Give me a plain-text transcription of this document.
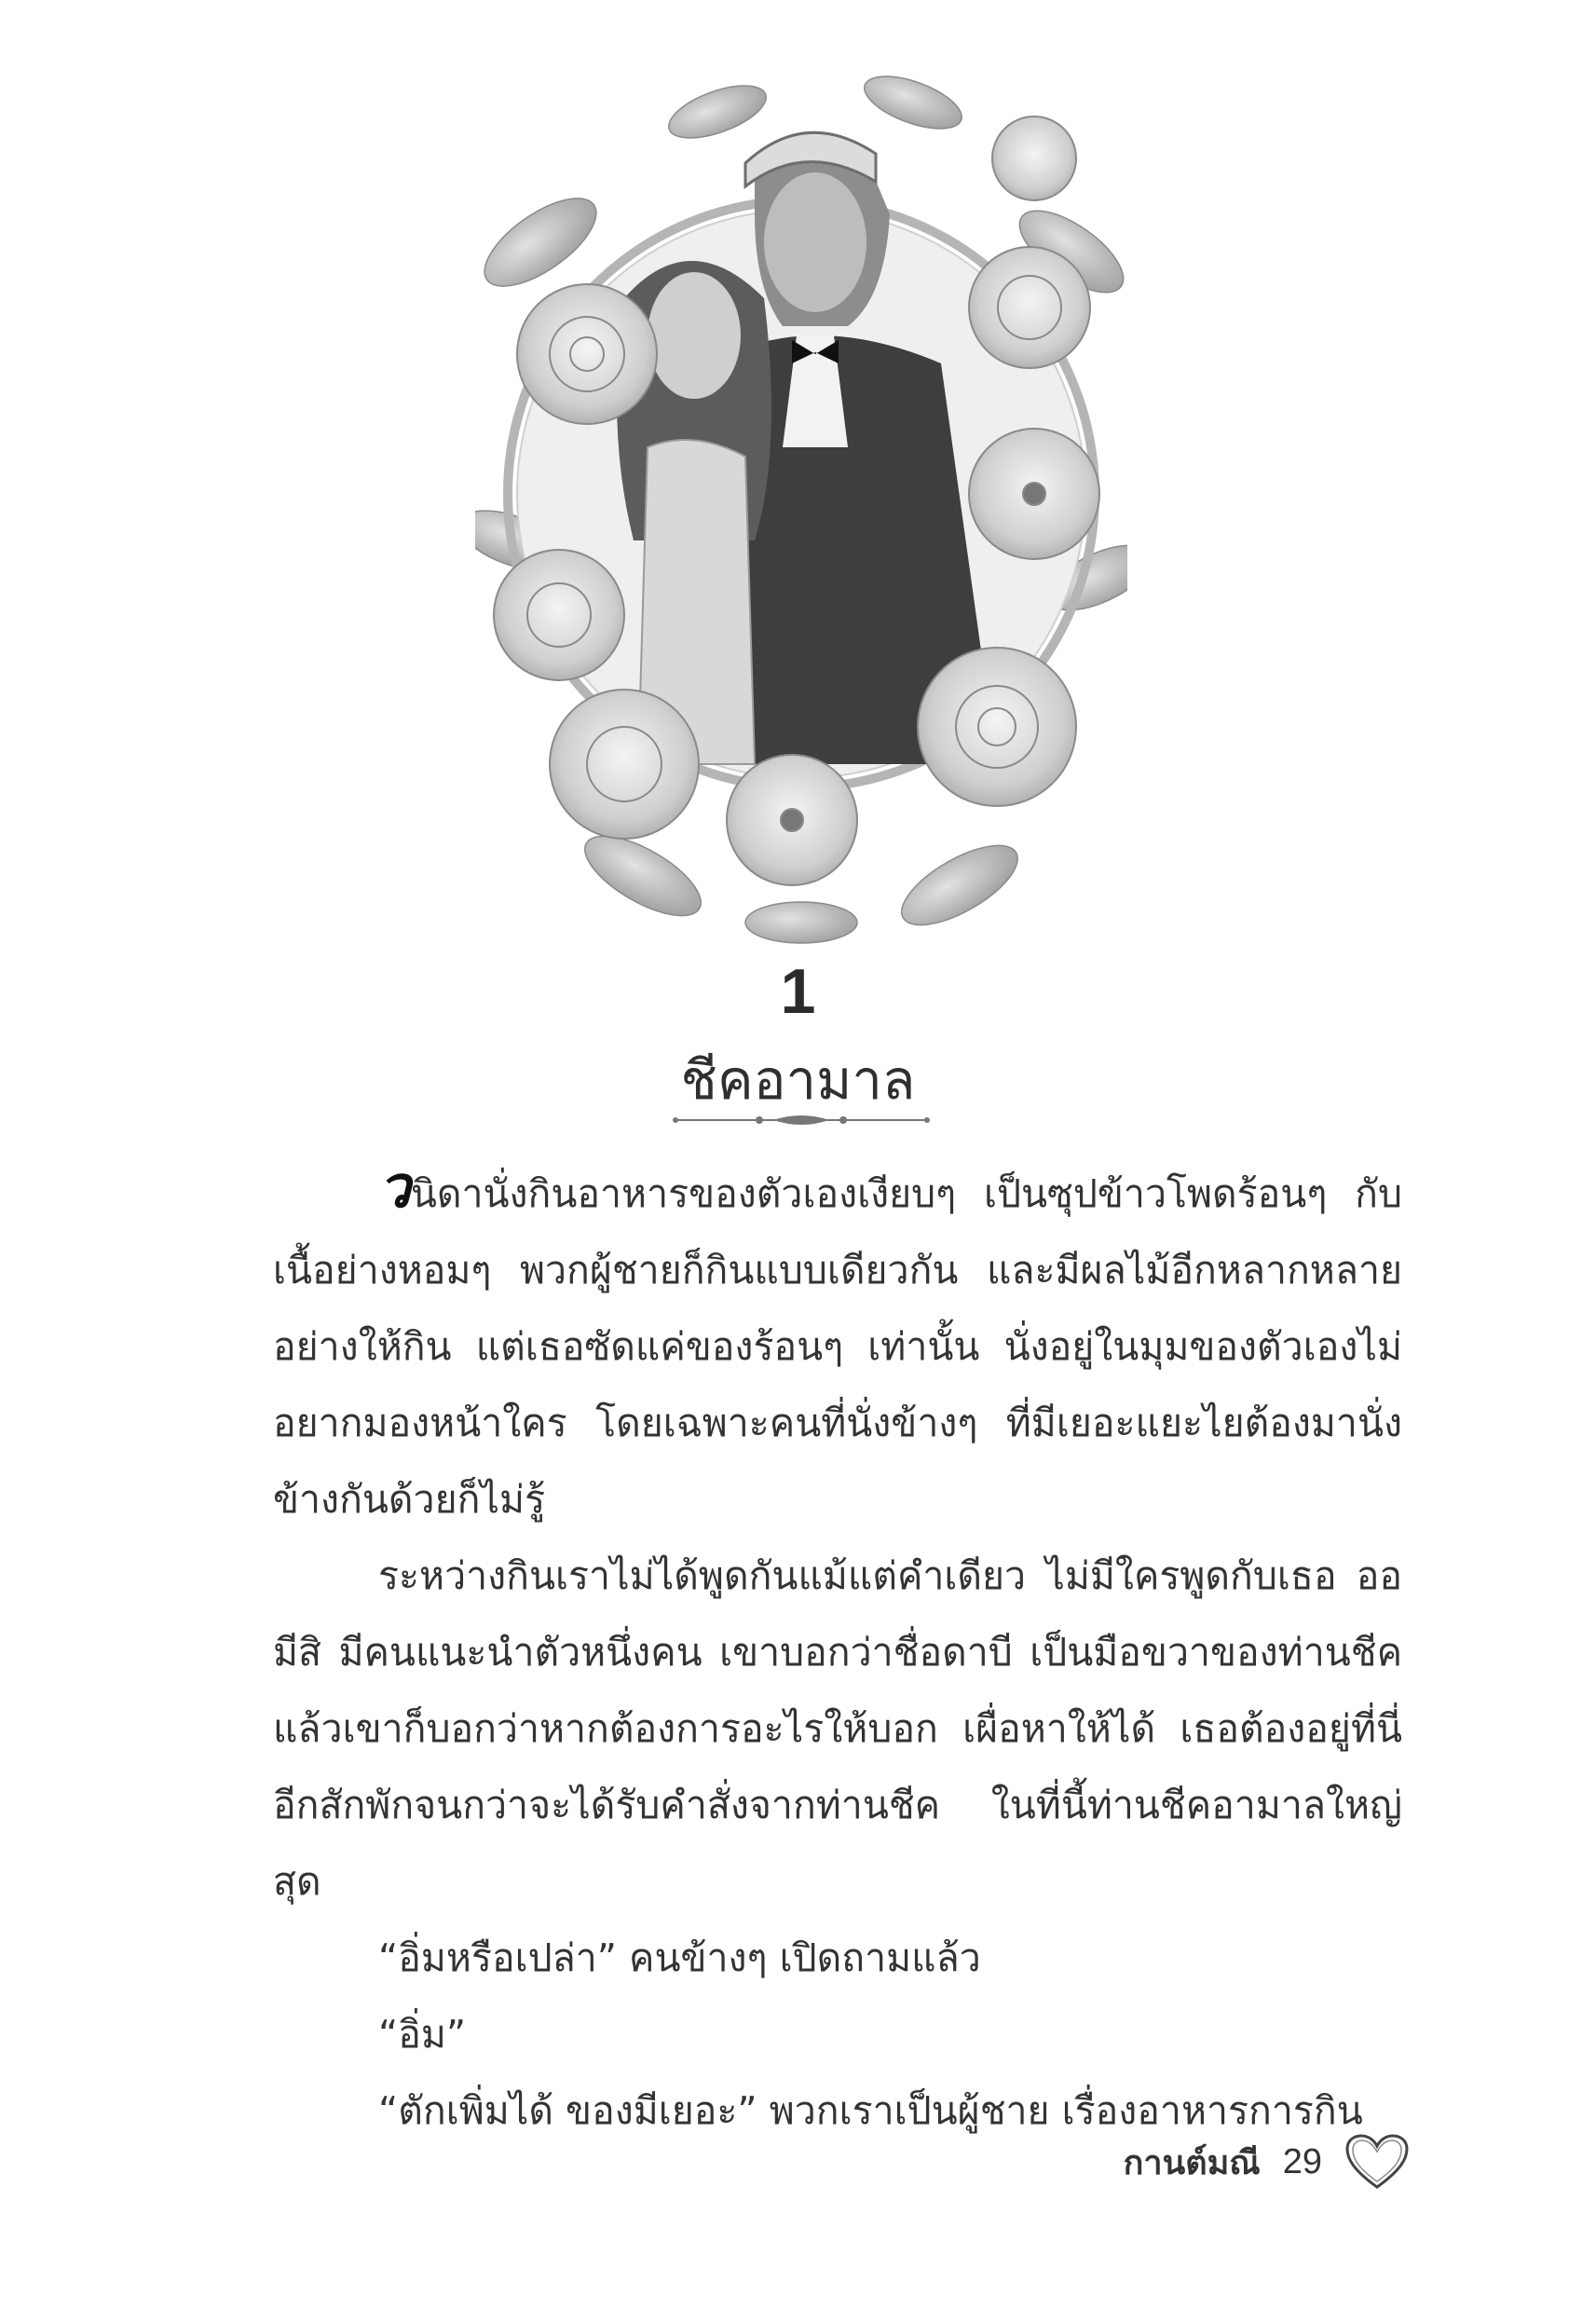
1
ชีคอามาล

วนิดานั่งกินอาหารของตัวเองเงียบๆ เป็นซุปข้าวโพดร้อนๆ กับเนื้อย่างหอมๆ พวกผู้ชายก็กินแบบเดียวกัน และมีผลไม้อีกหลากหลายอย่างให้กิน แต่เธอซัดแค่ของร้อนๆ เท่านั้น นั่งอยู่ในมุมของตัวเองไม่อยากมองหน้าใคร โดยเฉพาะคนที่นั่งข้างๆ ที่มีเยอะแยะไยต้องมานั่งข้างกันด้วยก็ไม่รู้

ระหว่างกินเราไม่ได้พูดกันแม้แต่คำเดียว ไม่มีใครพูดกับเธอ ออ มีสิ มีคนแนะนำตัวหนึ่งคน เขาบอกว่าชื่อดาบี เป็นมือขวาของท่านชีค แล้วเขาก็บอกว่าหากต้องการอะไรให้บอก เผื่อหาให้ได้ เธอต้องอยู่ที่นี่อีกสักพักจนกว่าจะได้รับคำสั่งจากท่านชีค ในที่นี้ท่านชีคอามาลใหญ่สุด

“อิ่มหรือเปล่า” คนข้างๆ เปิดถามแล้ว

“อิ่ม”

“ตักเพิ่มได้ ของมีเยอะ” พวกเราเป็นผู้ชาย เรื่องอาหารการกิน

กานต์มณี 29
